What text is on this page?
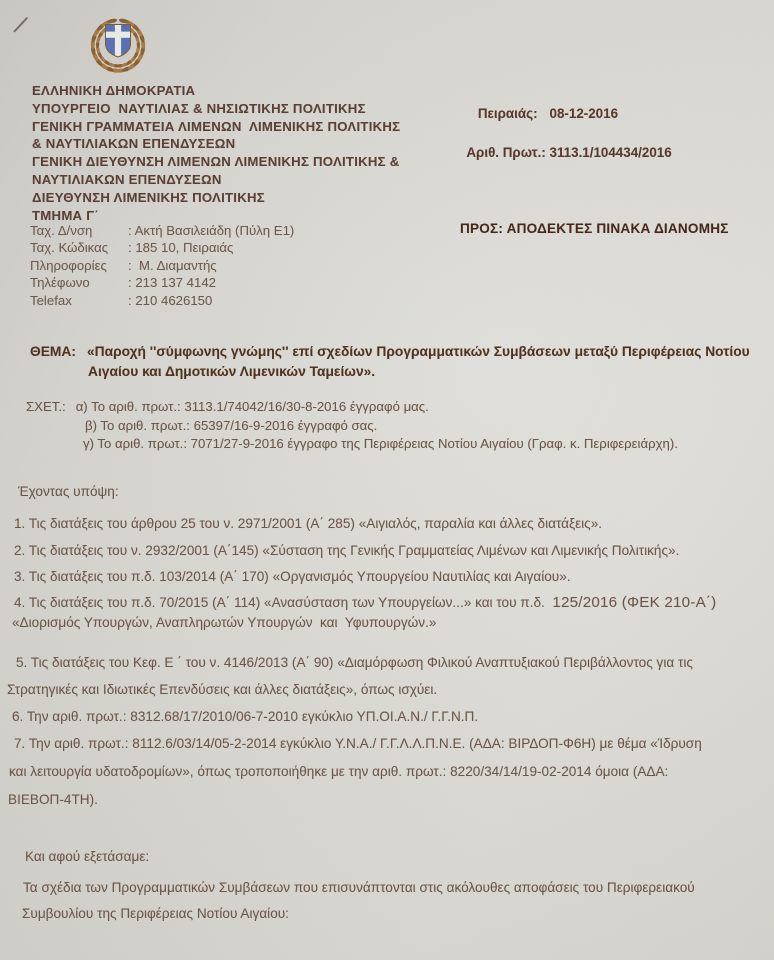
ΕΛΛΗΝΙΚΗ ΔΗΜΟΚΡΑΤΙΑ
ΥΠΟΥΡΓΕΙΟ  ΝΑΥΤΙΛΙΑΣ & ΝΗΣΙΩΤΙΚΗΣ ΠΟΛΙΤΙΚΗΣ
ΓΕΝΙΚΗ ΓΡΑΜΜΑΤΕΙΑ ΛΙΜΕΝΩΝ  ΛΙΜΕΝΙΚΗΣ ΠΟΛΙΤΙΚΗΣ
& ΝΑΥΤΙΛΙΑΚΩΝ ΕΠΕΝΔΥΣΕΩΝ
ΓΕΝΙΚΗ ΔΙΕΥΘΥΝΣΗ ΛΙΜΕΝΩΝ ΛΙΜΕΝΙΚΗΣ ΠΟΛΙΤΙΚΗΣ &
ΝΑΥΤΙΛΙΑΚΩΝ ΕΠΕΝΔΥΣΕΩΝ
ΔΙΕΥΘΥΝΣΗ ΛΙΜΕΝΙΚΗΣ ΠΟΛΙΤΙΚΗΣ
ΤΜΗΜΑ Γ΄
Ταχ. Δ/νση	: Ακτή Βασιλειάδη (Πύλη Ε1)
Ταχ. Κώδικας : 185 10, Πειραιάς
Πληροφορίες :  Μ. Διαμαντής
Τηλέφωνο	: 213 137 4142
Telefax	: 210 4626150

Πειραιάς: 08-12-2016

Αριθ. Πρωτ.: 3113.1/104434/2016

ΠΡΟΣ: ΑΠΟΔΕΚΤΕΣ ΠΙΝΑΚΑ ΔΙΑΝΟΜΗΣ
ΘΕΜΑ: «Παροχή ''σύμφωνης γνώμης'' επί σχεδίων Προγραμματικών Συμβάσεων μεταξύ Περιφέρειας Νοτίου
Αιγαίου και Δημοτικών Λιμενικών Ταμείων».
ΣΧΕΤ.: α) Το αριθ. πρωτ.: 3113.1/74042/16/30-8-2016 έγγραφό μας.
β) Το αριθ. πρωτ.: 65397/16-9-2016 έγγραφό σας.
γ) Το αριθ. πρωτ.: 7071/27-9-2016 έγγραφο της Περιφέρειας Νοτίου Αιγαίου (Γραφ. κ. Περιφερειάρχη).
Έχοντας υπόψη:
1. Τις διατάξεις του άρθρου 25 του ν. 2971/2001 (Α΄ 285) «Αιγιαλός, παραλία και άλλες διατάξεις».
2. Τις διατάξεις του ν. 2932/2001 (Α΄145) «Σύσταση της Γενικής Γραμματείας Λιμένων και Λιμενικής Πολιτικής».
3. Τις διατάξεις του π.δ. 103/2014 (Α΄ 170) «Οργανισμός Υπουργείου Ναυτιλίας και Αιγαίου».
4. Τις διατάξεις του π.δ. 70/2015 (Α΄ 114) «Ανασύσταση των Υπουργείων...» και του π.δ.  125/2016 (ΦΕΚ 210-Α΄)
«Διορισμός Υπουργών, Αναπληρωτών Υπουργών  και  Υφυπουργών.»
5. Τις διατάξεις του Κεφ. Ε ΄ του ν. 4146/2013 (Α΄ 90) «Διαμόρφωση Φιλικού Αναπτυξιακού Περιβάλλοντος για τις
Στρατηγικές και Ιδιωτικές Επενδύσεις και άλλες διατάξεις», όπως ισχύει.
6. Την αριθ. πρωτ.: 8312.68/17/2010/06-7-2010 εγκύκλιο ΥΠ.ΟΙ.Α.Ν./ Γ.Γ.Ν.Π.
7. Την αριθ. πρωτ.: 8112.6/03/14/05-2-2014 εγκύκλιο Υ.Ν.Α./ Γ.Γ.Λ.Λ.Π.Ν.Ε. (ΑΔΑ: ΒΙΡΔΟΠ-Φ6Η) με θέμα «Ίδρυση
και λειτουργία υδατοδρομίων», όπως τροποποιήθηκε με την αριθ. πρωτ.: 8220/34/14/19-02-2014 όμοια (ΑΔΑ:
ΒΙΕΒΟΠ-4ΤΗ).
Και αφού εξετάσαμε:
Τα σχέδια των Προγραμματικών Συμβάσεων που επισυνάπτονται στις ακόλουθες αποφάσεις του Περιφερειακού
Συμβουλίου της Περιφέρειας Νοτίου Αιγαίου:
